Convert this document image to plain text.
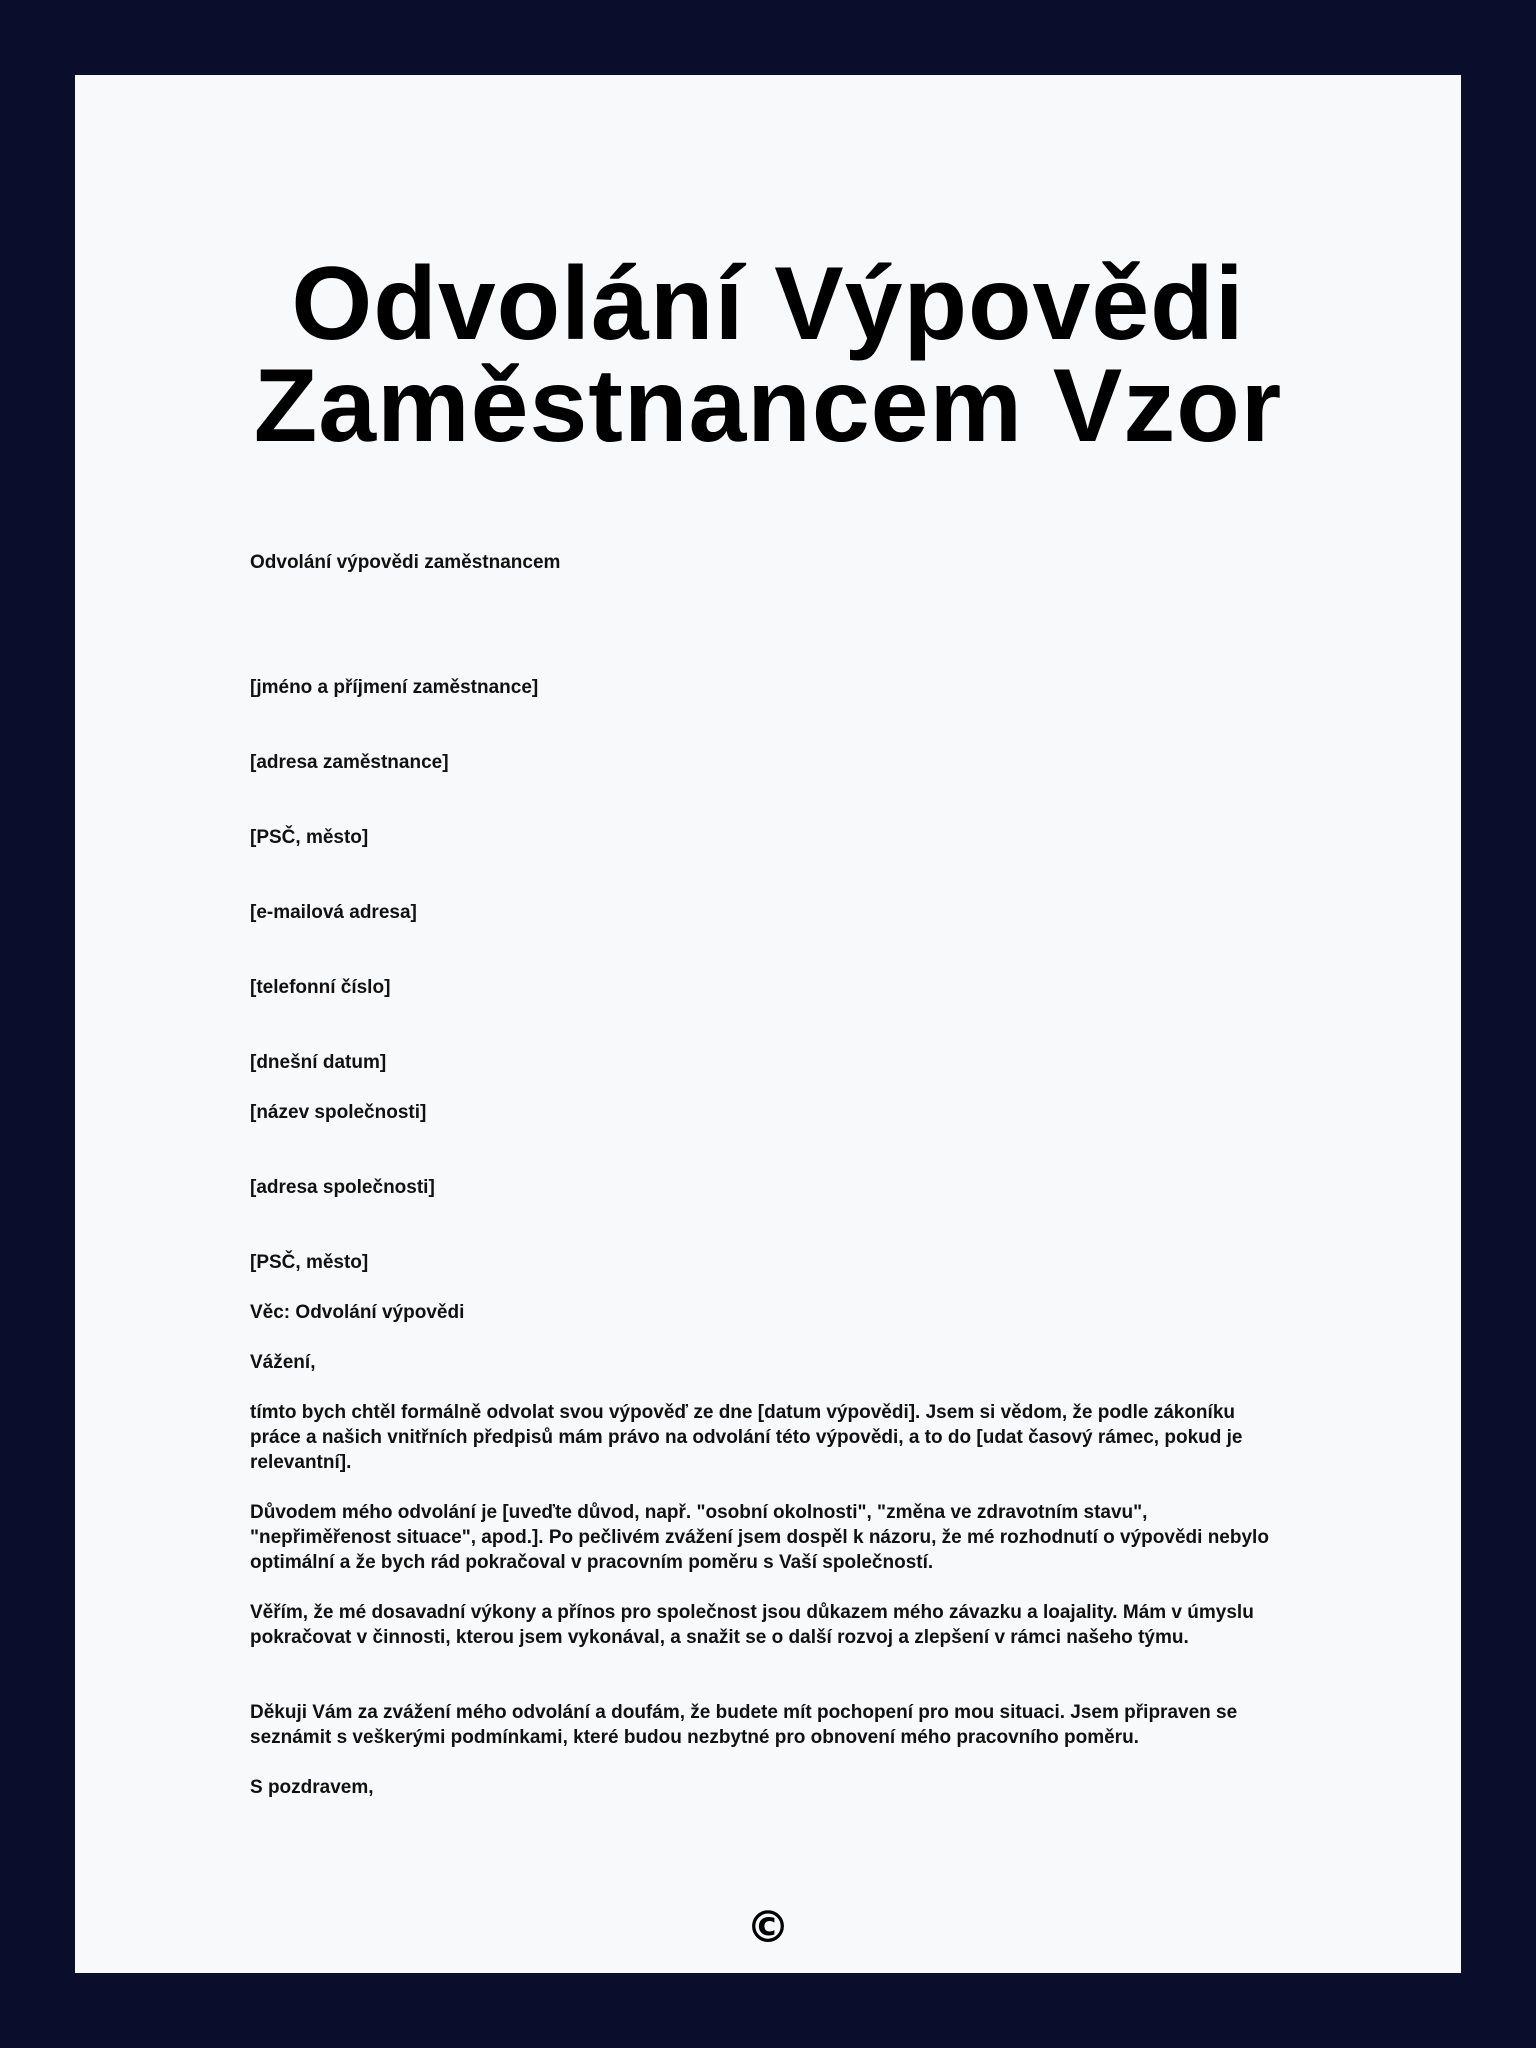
Odvolání Výpovědi
Zaměstnancem Vzor

Odvolání výpovědi zaměstnancem

[jméno a příjmení zaměstnance]

[adresa zaměstnance]

[PSČ, město]

[e-mailová adresa]

[telefonní číslo]

[dnešní datum]

[název společnosti]

[adresa společnosti]

[PSČ, město]

Věc: Odvolání výpovědi

Vážení,

tímto bych chtěl formálně odvolat svou výpověď ze dne [datum výpovědi]. Jsem si vědom, že podle zákoníku práce a našich vnitřních předpisů mám právo na odvolání této výpovědi, a to do [udat časový rámec, pokud je relevantní].

Důvodem mého odvolání je [uveďte důvod, např. "osobní okolnosti", "změna ve zdravotním stavu", "nepřiměřenost situace", apod.]. Po pečlivém zvážení jsem dospěl k názoru, že mé rozhodnutí o výpovědi nebylo optimální a že bych rád pokračoval v pracovním poměru s Vaší společností.

Věřím, že mé dosavadní výkony a přínos pro společnost jsou důkazem mého závazku a loajality. Mám v úmyslu pokračovat v činnosti, kterou jsem vykonával, a snažit se o další rozvoj a zlepšení v rámci našeho týmu.

Děkuji Vám za zvážení mého odvolání a doufám, že budete mít pochopení pro mou situaci. Jsem připraven se seznámit s veškerými podmínkami, které budou nezbytné pro obnovení mého pracovního poměru.

S pozdravem,

©
